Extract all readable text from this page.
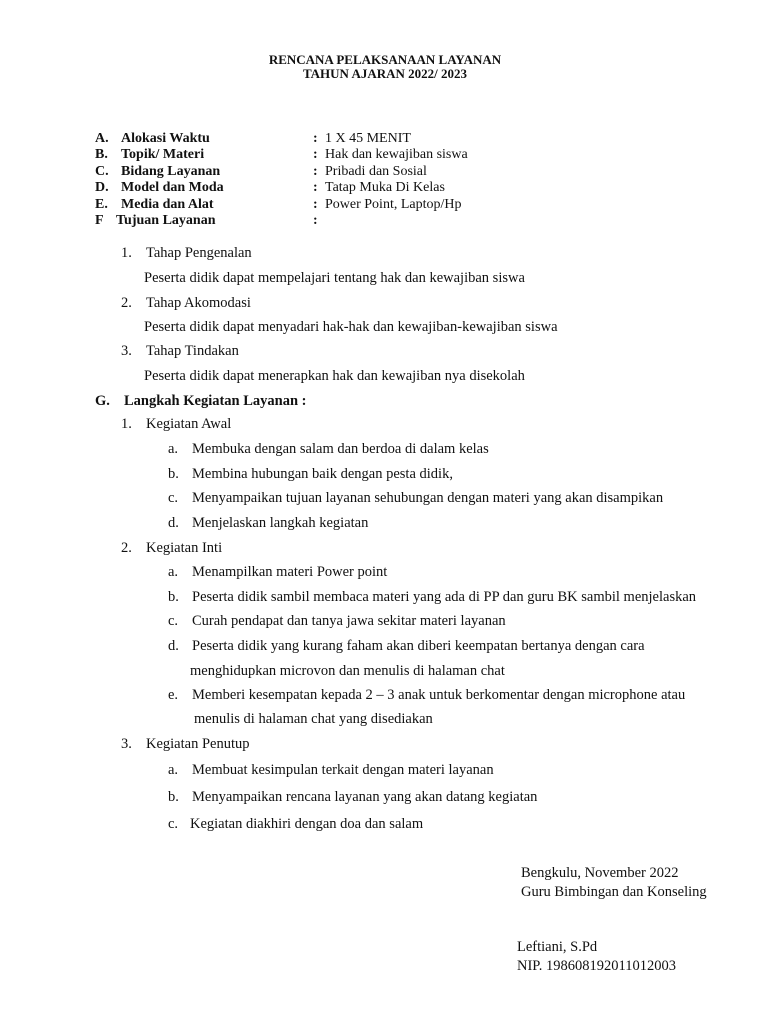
RENCANA PELAKSANAAN LAYANAN
TAHUN AJARAN 2022/ 2023
A. Alokasi Waktu	: 1 X 45 MENIT
B. Topik/ Materi	: Hak dan kewajiban siswa
C. Bidang Layanan	: Pribadi dan Sosial
D. Model dan Moda	: Tatap Muka Di Kelas
E. Media dan Alat	: Power Point, Laptop/Hp
F Tujuan Layanan	:
1. Tahap Pengenalan
Peserta didik dapat mempelajari tentang hak dan kewajiban siswa
2. Tahap Akomodasi
Peserta didik dapat menyadari hak-hak dan kewajiban-kewajiban siswa
3. Tahap Tindakan
Peserta didik dapat menerapkan hak dan kewajiban nya disekolah
G. Langkah Kegiatan Layanan :
1. Kegiatan Awal
a. Membuka dengan salam dan berdoa di dalam kelas
b. Membina hubungan baik dengan pesta didik,
c. Menyampaikan tujuan layanan sehubungan dengan materi yang akan disampikan
d. Menjelaskan langkah kegiatan
2. Kegiatan Inti
a. Menampilkan materi Power point
b. Peserta didik sambil membaca materi yang ada di PP dan guru BK sambil menjelaskan
c. Curah pendapat dan tanya jawa sekitar materi layanan
d. Peserta didik yang kurang faham akan diberi keempatan bertanya dengan cara
menghidupkan microvon dan menulis di halaman chat
e. Memberi kesempatan kepada 2 – 3 anak untuk berkomentar dengan microphone atau
menulis di halaman chat yang disediakan
3. Kegiatan Penutup
a. Membuat kesimpulan terkait dengan materi layanan
b. Menyampaikan rencana layanan yang akan datang kegiatan
c. Kegiatan diakhiri dengan doa dan salam
Bengkulu, November 2022
Guru Bimbingan dan Konseling
Leftiani, S.Pd
NIP. 198608192011012003
